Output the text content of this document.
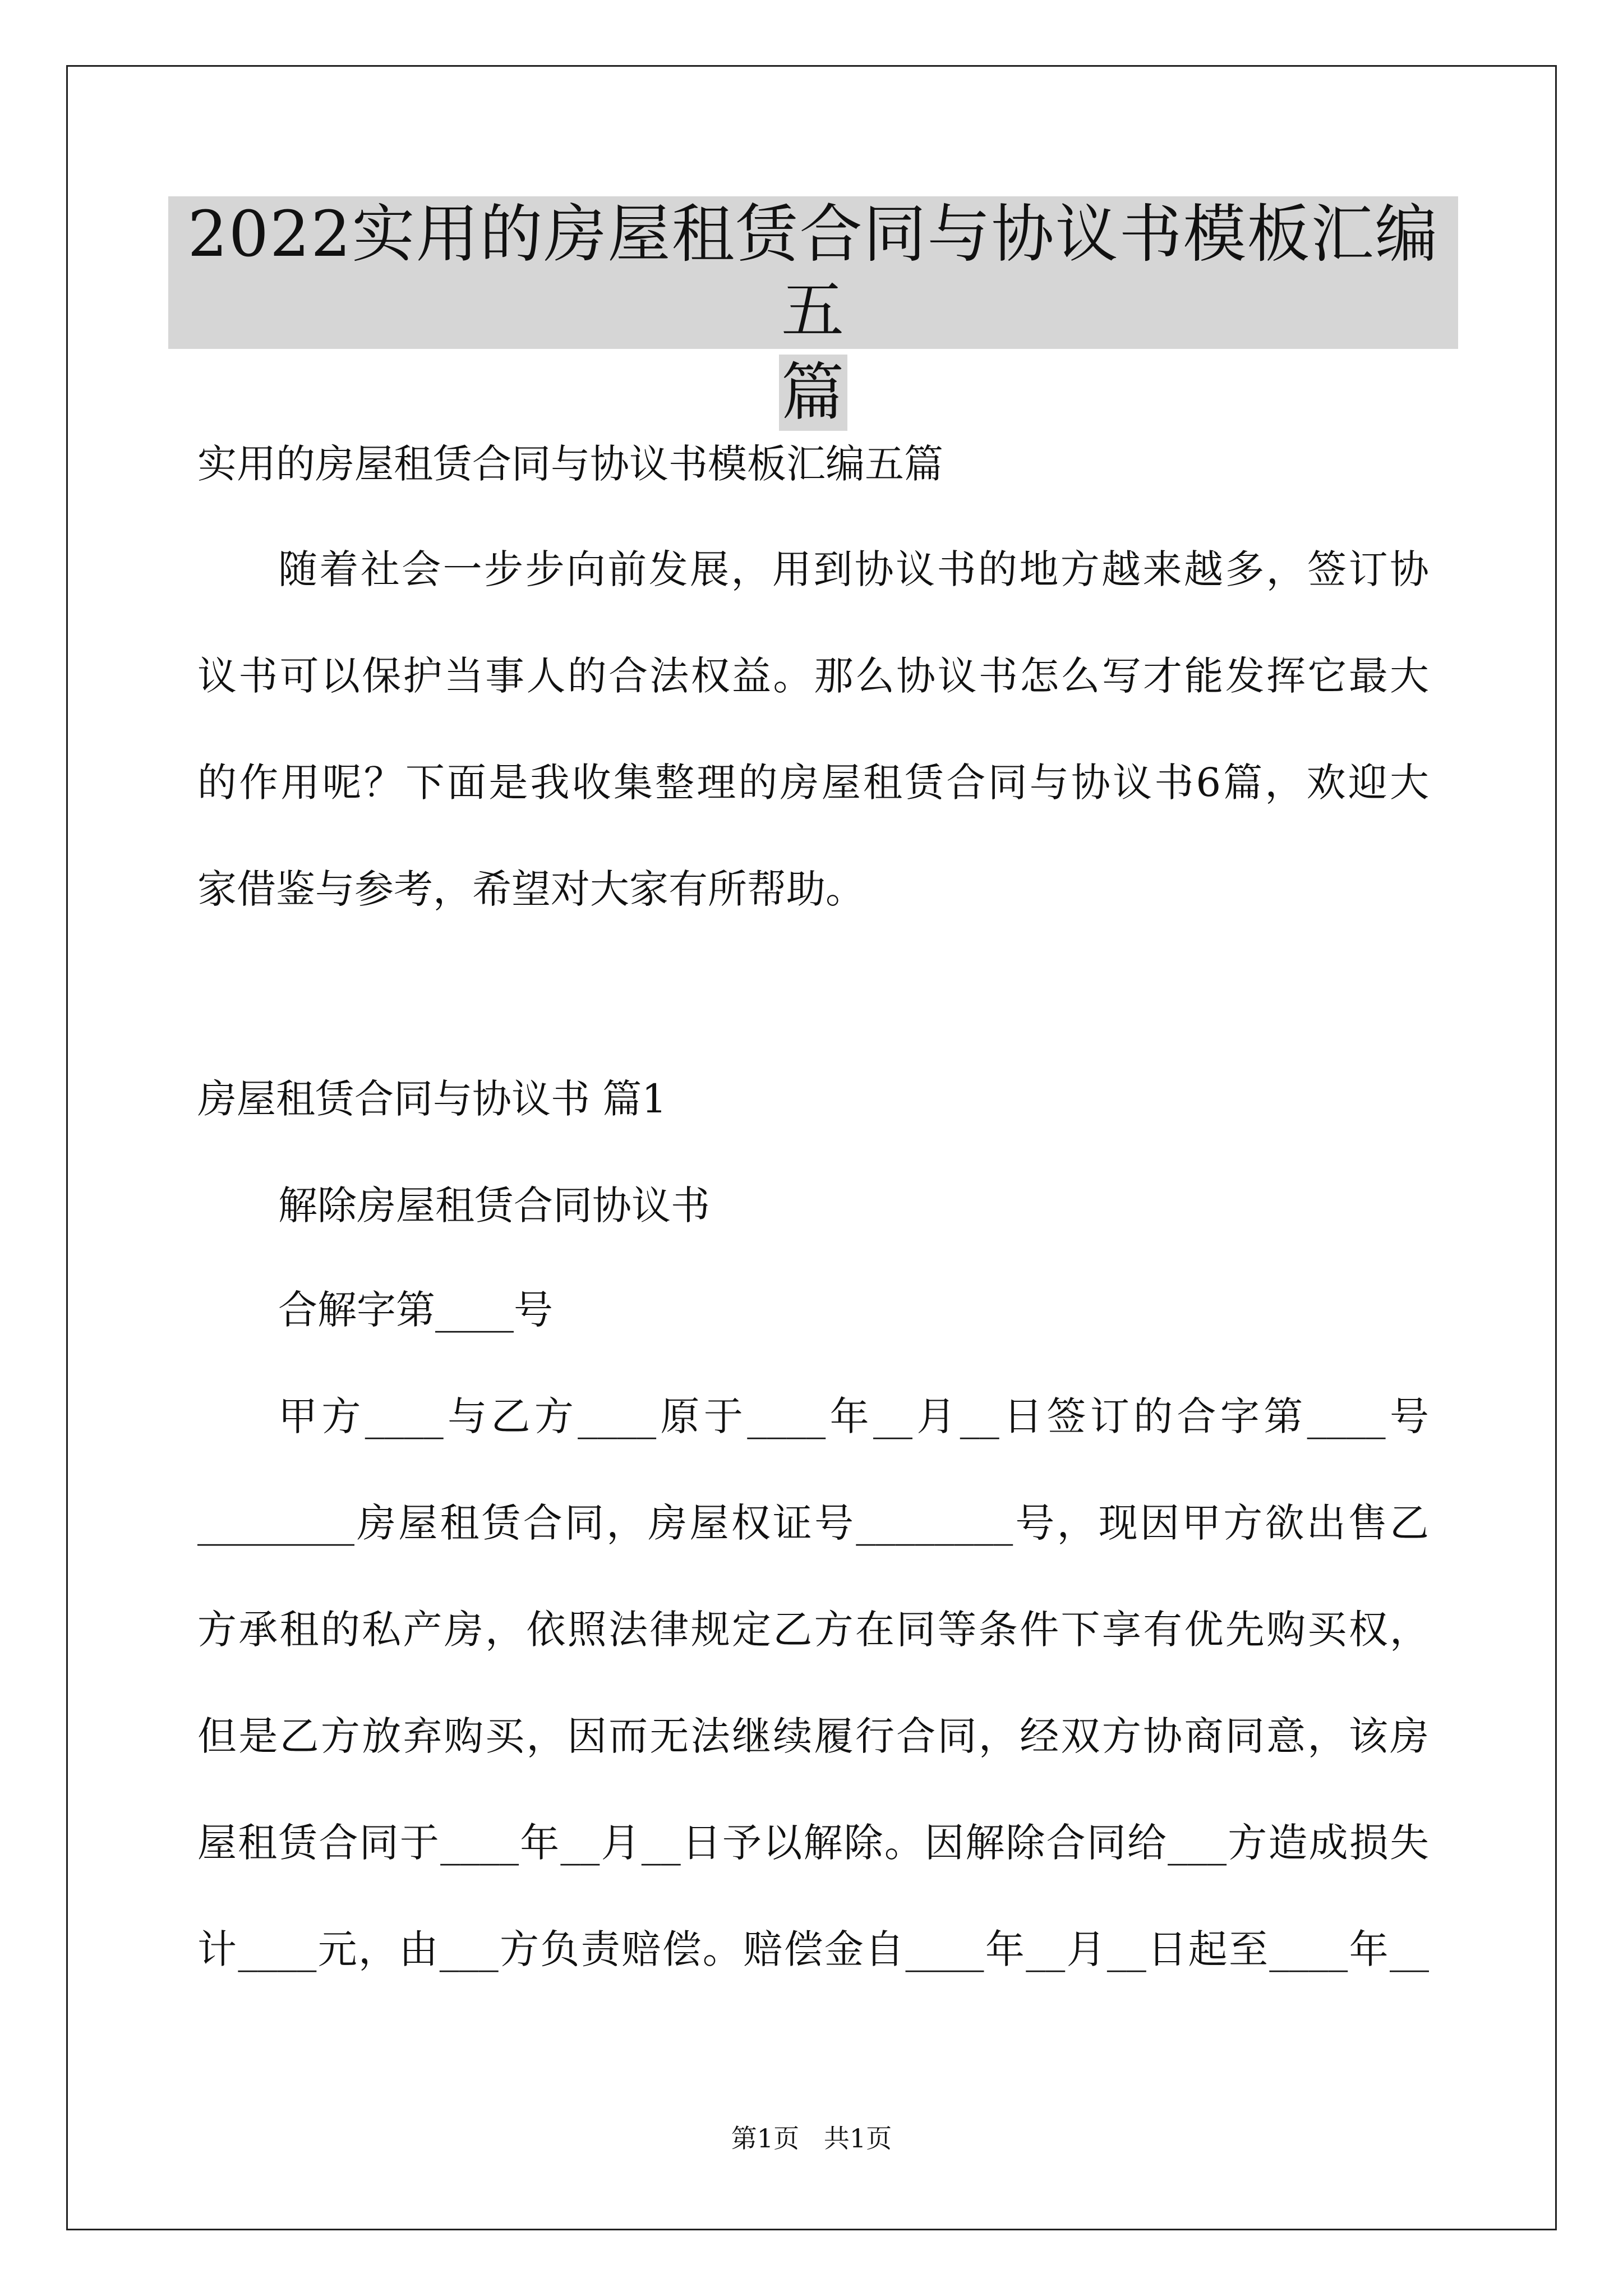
2022实用的房屋租赁合同与协议书模板汇编五
篇
实用的房屋租赁合同与协议书模板汇编五篇
随着社会一步步向前发展，用到协议书的地方越来越多，签订协
议书可以保护当事人的合法权益。那么协议书怎么写才能发挥它最大
的作用呢？下面是我收集整理的房屋租赁合同与协议书6篇，欢迎大
家借鉴与参考，希望对大家有所帮助。
房屋租赁合同与协议书 篇1
解除房屋租赁合同协议书
合解字第____号
甲方____与乙方____原于____年__月__日签订的合字第____号
________房屋租赁合同，房屋权证号________号，现因甲方欲出售乙
方承租的私产房，依照法律规定乙方在同等条件下享有优先购买权，
但是乙方放弃购买，因而无法继续履行合同，经双方协商同意，该房
屋租赁合同于____年__月__日予以解除。因解除合同给___方造成损失
计____元，由___方负责赔偿。赔偿金自____年__月__日起至____年__
第1页   共1页
